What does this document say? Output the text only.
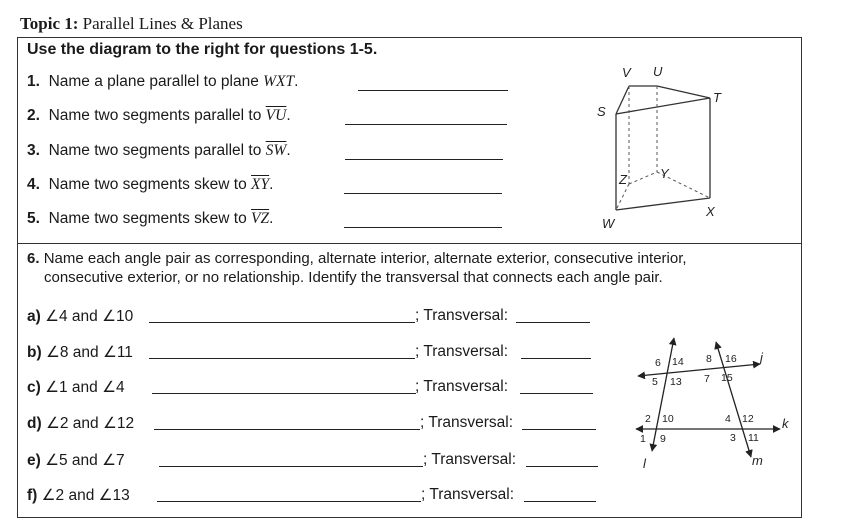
Topic 1: Parallel Lines & Planes
Use the diagram to the right for questions 1-5.
1. Name a plane parallel to plane WXT.
2. Name two segments parallel to $\overline{VU}$.
3. Name two segments parallel to $\overline{SW}$.
4. Name two segments skew to $\overline{XY}$.
5. Name two segments skew to $\overline{VZ}$.
V U
S
T
Z	Y
W
X
6. Name each angle pair as corresponding, alternate interior, alternate exterior, consecutive interior,
consecutive exterior, or no relationship. Identify the transversal that connects each angle pair.
a) ∠4 and ∠10	; Transversal:
b) ∠8 and ∠11	; Transversal:
c) ∠1 and ∠4	; Transversal:
d) ∠2 and ∠12	; Transversal:
e) ∠5 and ∠7	; Transversal:
f) ∠2 and ∠13	; Transversal:
6 14 8 16
5 13 7 15
2 10	4 12
1 9	3 11
j
k
l	m
